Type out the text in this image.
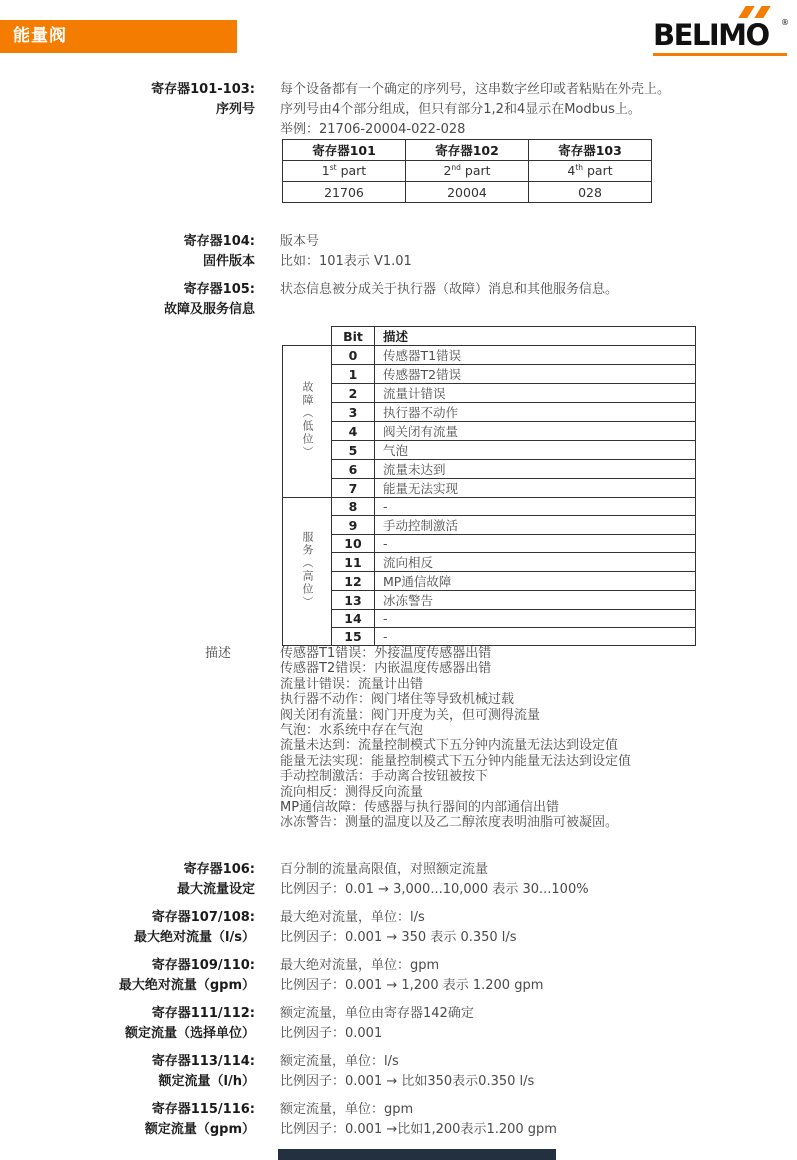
能量阀	BELIMO ®
寄存器101-103:
序列号
每个设备都有一个确定的序列号，这串数字丝印或者粘贴在外壳上。
序列号由4个部分组成，但只有部分1,2和4显示在Modbus上。
举例：21706-20004-022-028
寄存器101	寄存器102	寄存器103
1st part	2nd part	4th part
21706	20004	028
寄存器104:
固件版本
版本号
比如：101表示 V1.01
寄存器105:
故障及服务信息
状态信息被分成关于执行器（故障）消息和其他服务信息。
	Bit	描述
故障（低位）	0	传感器T1错误
	1	传感器T2错误
	2	流量计错误
	3	执行器不动作
	4	阀关闭有流量
	5	气泡
	6	流量未达到
	7	能量无法实现
服务（高位）	8	-
	9	手动控制激活
	10	-
	11	流向相反
	12	MP通信故障
	13	冰冻警告
	14	-
	15	-
描述	传感器T1错误：外接温度传感器出错
传感器T2错误：内嵌温度传感器出错
流量计错误：流量计出错
执行器不动作：阀门堵住等导致机械过载
阀关闭有流量：阀门开度为关，但可测得流量
气泡：水系统中存在气泡
流量未达到：流量控制模式下五分钟内流量无法达到设定值
能量无法实现：能量控制模式下五分钟内能量无法达到设定值
手动控制激活：手动离合按钮被按下
流向相反：测得反向流量
MP通信故障：传感器与执行器间的内部通信出错
冰冻警告：测量的温度以及乙二醇浓度表明油脂可被凝固。
寄存器106:
最大流量设定
百分制的流量高限值，对照额定流量
比例因子：0.01 → 3,000...10,000 表示 30...100%
寄存器107/108:
最大绝对流量（l/s）
最大绝对流量，单位：l/s
比例因子：0.001 → 350 表示 0.350 l/s
寄存器109/110:
最大绝对流量（gpm）
最大绝对流量，单位：gpm
比例因子：0.001 → 1,200 表示 1.200 gpm
寄存器111/112:
额定流量（选择单位）
额定流量，单位由寄存器142确定
比例因子：0.001
寄存器113/114:
额定流量（l/h）
额定流量，单位：l/s
比例因子：0.001 → 比如350表示0.350 l/s
寄存器115/116:
额定流量（gpm）
额定流量，单位：gpm
比例因子：0.001 →比如1,200表示1.200 gpm
